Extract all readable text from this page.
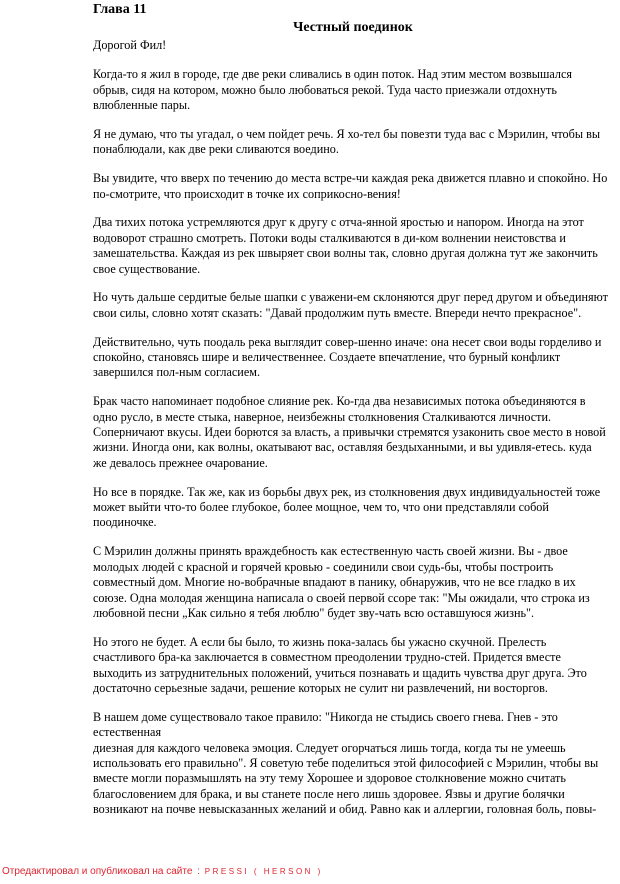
Глава 11
Честный поединок

Дорогой Фил!

Когда-то я жил в городе, где две реки сливались в один поток. Над этим местом возвышался обрыв, сидя на котором, можно было любоваться рекой. Туда часто приезжали отдохнуть влюбленные пары.

Я не думаю, что ты угадал, о чем пойдет речь. Я хо-тел бы повезти туда вас с Мэрилин, чтобы вы понаблюдали, как две реки сливаются воедино.

Вы увидите, что вверх по течению до места встре-чи каждая река движется плавно и спокойно. Но по-смотрите, что происходит в точке их соприкосно-вения!

Два тихих потока устремляются друг к другу с отча-янной яростью и напором. Иногда на этот водоворот страшно смотреть. Потоки воды сталкиваются в ди-ком волнении неистовства и замешательства. Каждая из рек швыряет свои волны так, словно другая должна тут же закончить свое существование.

Но чуть дальше сердитые белые шапки с уважени-ем склоняются друг перед другом и объединяют свои силы, словно хотят сказать: "Давай продолжим путь вместе. Впереди нечто прекрасное".

Действительно, чуть поодаль река выглядит совер-шенно иначе: она несет свои воды горделиво и спокойно, становясь шире и величественнее. Создаете впечатление, что бурный конфликт завершился пол-ным согласием.

Брак часто напоминает подобное слияние рек. Ко-гда два независимых потока объединяются в одно русло, в месте стыка, наверное, неизбежны столкновения Сталкиваются личности. Соперничают вкусы. Идеи борются за власть, а привычки стремятся узаконить свое место в новой жизни. Иногда они, как волны, окатывают вас, оставляя бездыханными, и вы удивля-етесь. куда же девалось прежнее очарование.

Но все в порядке. Так же, как из борьбы двух рек, из столкновения двух индивидуальностей тоже может выйти что-то более глубокое, более мощное, чем то, что они представляли собой поодиночке.

С Мэрилин должны принять враждебность как естественную часть своей жизни. Вы - двое молодых людей с красной и горячей кровью - соединили свои судь-бы, чтобы построить совместный дом. Многие но-вобрачные впадают в панику, обнаружив, что не все гладко в их союзе. Одна молодая женщина написала о своей первой ссоре так: "Мы ожидали, что строка из любовной песни „Как сильно я тебя люблю" будет зву-чать всю оставшуюся жизнь".

Но этого не будет. А если бы было, то жизнь пока-залась бы ужасно скучной. Прелесть счастливого бра-ка заключается в совместном преодолении трудно-стей. Придется вместе выходить из затруднительных положений, учиться познавать и щадить чувства друг друга. Это достаточно серьезные задачи, решение которых не сулит ни развлечений, ни восторгов.

В нашем доме существовало такое правило: "Никогда не стыдись своего гнева. Гнев - это естественная
диезная для каждого человека эмоция. Следует огорчаться лишь тогда, когда ты не умеешь использовать его правильно". Я советую тебе поделиться этой философией с Мэрилин, чтобы вы вместе могли поразмышлять на эту тему Хорошее и здоровое столкновение можно считать благословением для брака, и вы станете после него лишь здоровее. Язвы и другие болячки возникают на почве невысказанных желаний и обид. Равно как и аллергии, головная боль, повы-

Отредактировал и опубликовал на сайте : PRESSI ( HERSON )
